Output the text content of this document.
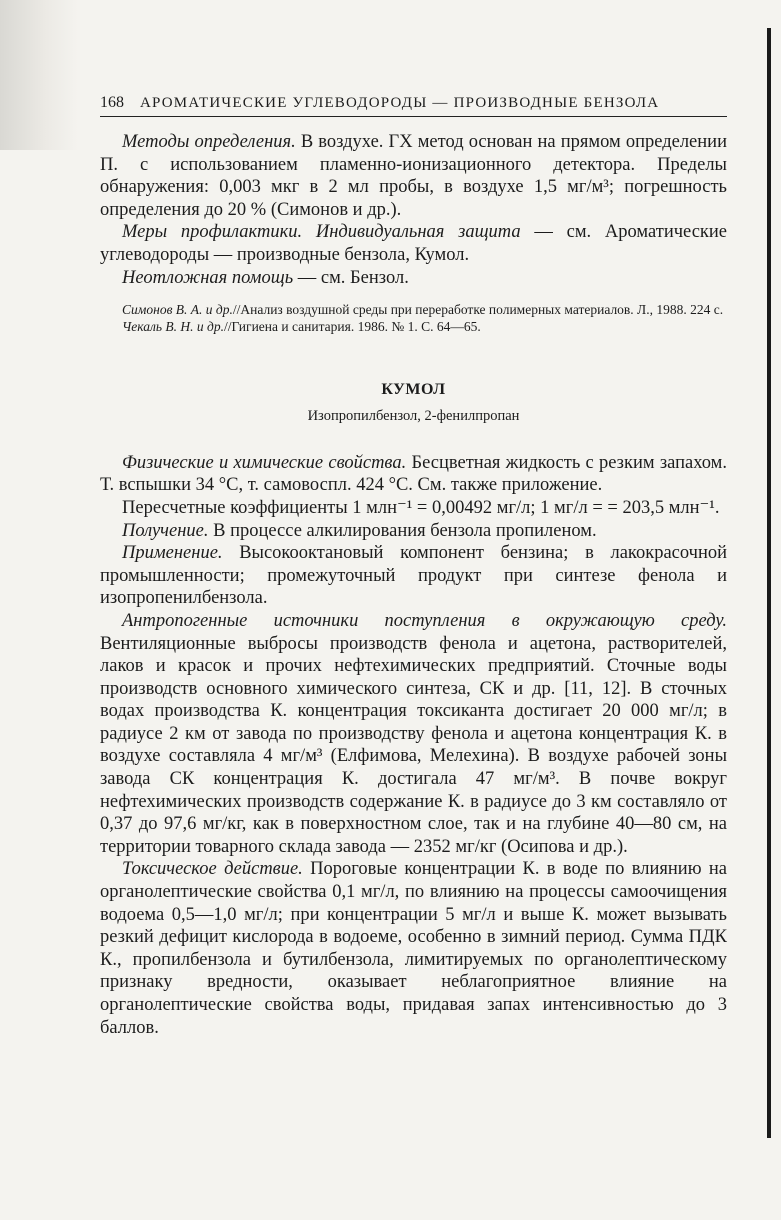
168 АРОМАТИЧЕСКИЕ УГЛЕВОДОРОДЫ — ПРОИЗВОДНЫЕ БЕНЗОЛА

Методы определения. В воздухе. ГХ метод основан на прямом определении П. с использованием пламенно-ионизационного детектора. Пределы обнаружения: 0,003 мкг в 2 мл пробы, в воздухе 1,5 мг/м³; погрешность определения до 20 % (Симонов и др.).

Меры профилактики. Индивидуальная защита — см. Ароматические углеводороды — производные бензола, Кумол.

Неотложная помощь — см. Бензол.

Симонов В. А. и др.//Анализ воздушной среды при переработке полимерных материалов. Л., 1988. 224 с.

Чекаль В. Н. и др.//Гигиена и санитария. 1986. № 1. С. 64—65.

КУМОЛ

Изопропилбензол, 2-фенилпропан

Физические и химические свойства. Бесцветная жидкость с резким запахом. Т. вспышки 34 °С, т. самовоспл. 424 °С. См. также приложение.

Пересчетные коэффициенты 1 млн⁻¹ = 0,00492 мг/л; 1 мг/л = = 203,5 млн⁻¹.

Получение. В процессе алкилирования бензола пропиленом.

Применение. Высокооктановый компонент бензина; в лакокрасочной промышленности; промежуточный продукт при синтезе фенола и изопропенилбензола.

Антропогенные источники поступления в окружающую среду. Вентиляционные выбросы производств фенола и ацетона, растворителей, лаков и красок и прочих нефтехимических предприятий. Сточные воды производств основного химического синтеза, СК и др. [11, 12]. В сточных водах производства К. концентрация токсиканта достигает 20 000 мг/л; в радиусе 2 км от завода по производству фенола и ацетона концентрация К. в воздухе составляла 4 мг/м³ (Елфимова, Мелехина). В воздухе рабочей зоны завода СК концентрация К. достигала 47 мг/м³. В почве вокруг нефтехимических производств содержание К. в радиусе до 3 км составляло от 0,37 до 97,6 мг/кг, как в поверхностном слое, так и на глубине 40—80 см, на территории товарного склада завода — 2352 мг/кг (Осипова и др.).

Токсическое действие. Пороговые концентрации К. в воде по влиянию на органолептические свойства 0,1 мг/л, по влиянию на процессы самоочищения водоема 0,5—1,0 мг/л; при концентрации 5 мг/л и выше К. может вызывать резкий дефицит кислорода в водоеме, особенно в зимний период. Сумма ПДК К., пропилбензола и бутилбензола, лимитируемых по органолептическому признаку вредности, оказывает неблагоприятное влияние на органолептические свойства воды, придавая запах интенсивностью до 3 баллов.
